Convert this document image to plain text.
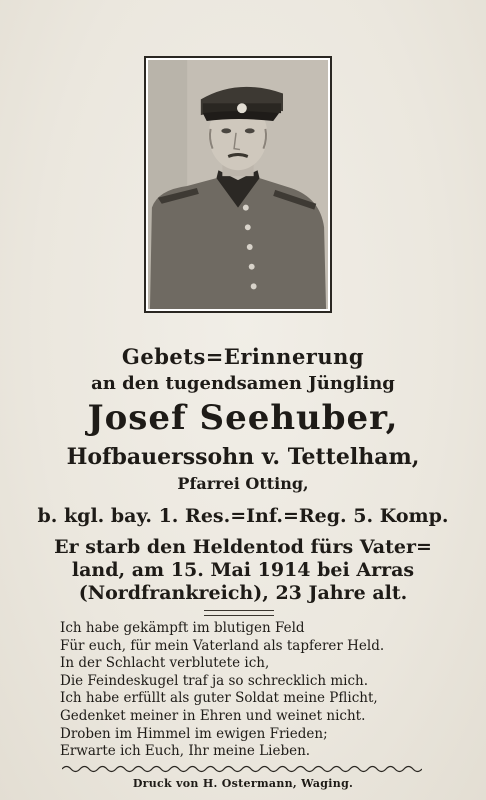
Gebets=Erinnerung
an den tugendsamen Jüngling
Josef Seehuber,
Hofbauerssohn v. Tettelham,
Pfarrei Otting,
b. kgl. bay. 1. Res.=Inf.=Reg. 5. Komp.
Er starb den Heldentod fürs Vater=
land, am 15. Mai 1914 bei Arras
(Nordfrankreich), 23 Jahre alt.
Ich habe gekämpft im blutigen Feld
Für euch, für mein Vaterland als tapferer Held.
In der Schlacht verblutete ich,
Die Feindeskugel traf ja so schrecklich mich.
Ich habe erfüllt als guter Soldat meine Pflicht,
Gedenket meiner in Ehren und weinet nicht.
Droben im Himmel im ewigen Frieden;
Erwarte ich Euch, Ihr meine Lieben.
Druck von H. Ostermann, Waging.
